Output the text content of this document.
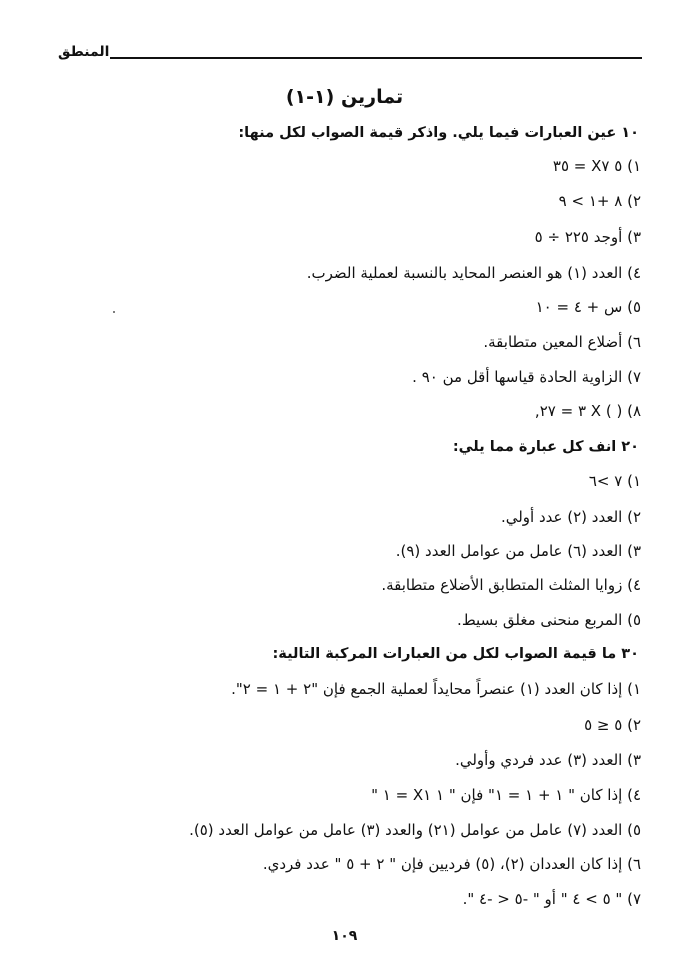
المنطق
تمارين (١-١)
١٠ عين العبارات فيما يلي. واذكر قيمة الصواب لكل منها:
١) ٥ X٧ = ٣٥
٢) ٨ +١ > ٩
٣) أوجد ٢٢٥ ÷ ٥
٤) العدد (١) هو العنصر المحايد بالنسبة لعملية الضرب.
٥) س + ٤ = ١٠
٦) أضلاع المعين متطابقة.
٧) الزاوية الحادة قياسها أقل من ٩٠ .
٨) ( ) X ٣ = ٢٧,
٢٠ انف كل عبارة مما يلي:
١) ٧ >٦
٢) العدد (٢) عدد أولي.
٣) العدد (٦) عامل من عوامل العدد (٩).
٤) زوايا المثلث المتطابق الأضلاع متطابقة.
٥) المربع منحنى مغلق بسيط.
٣٠ ما قيمة الصواب لكل من العبارات المركبة التالية:
١) إذا كان العدد (١) عنصراً محايداً لعملية الجمع فإن "٢ + ١ = ٢".
٢) ٥ ≤ ٥
٣) العدد (٣) عدد فردي وأولي.
٤) إذا كان " ١ + ١ = ١" فإن " ١ X١ = ١ "
٥) العدد (٧) عامل من عوامل (٢١) والعدد (٣) عامل من عوامل العدد (٥).
٦) إذا كان العددان (٢)، (٥) فرديين فإن " ٢ + ٥ " عدد فردي.
٧) " ٥ > ٤ " أو " -٥ < -٤ ".
١٠٩
